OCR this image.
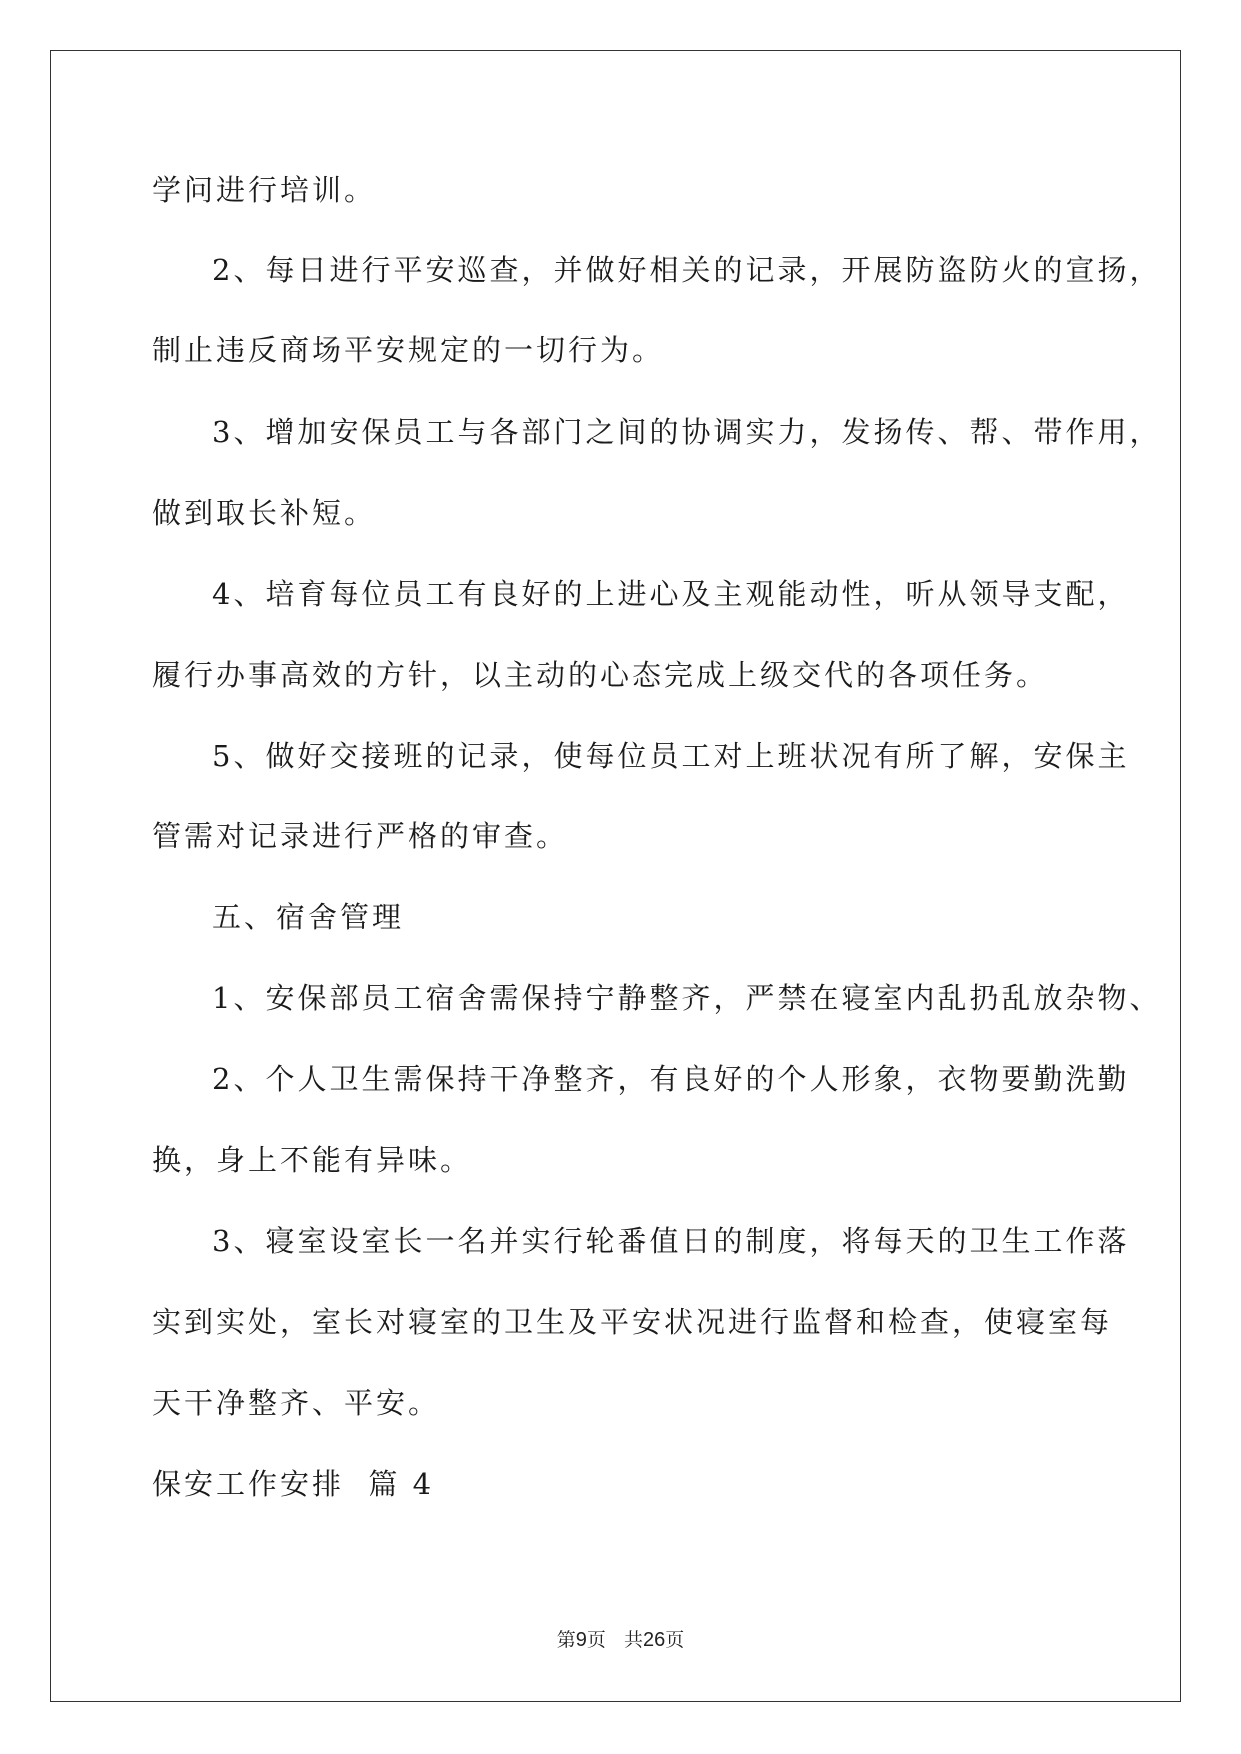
学问进行培训。
2、每日进行平安巡查，并做好相关的记录，开展防盗防火的宣扬，
制止违反商场平安规定的一切行为。
3、增加安保员工与各部门之间的协调实力，发扬传、帮、带作用，
做到取长补短。
4、培育每位员工有良好的上进心及主观能动性，听从领导支配，
履行办事高效的方针，以主动的心态完成上级交代的各项任务。
5、做好交接班的记录，使每位员工对上班状况有所了解，安保主
管需对记录进行严格的审查。
五、宿舍管理
1、安保部员工宿舍需保持宁静整齐，严禁在寝室内乱扔乱放杂物、
2、个人卫生需保持干净整齐，有良好的个人形象，衣物要勤洗勤
换，身上不能有异味。
3、寝室设室长一名并实行轮番值日的制度，将每天的卫生工作落
实到实处，室长对寝室的卫生及平安状况进行监督和检查，使寝室每
天干净整齐、平安。
保安工作安排  篇 4
第9页 共26页
